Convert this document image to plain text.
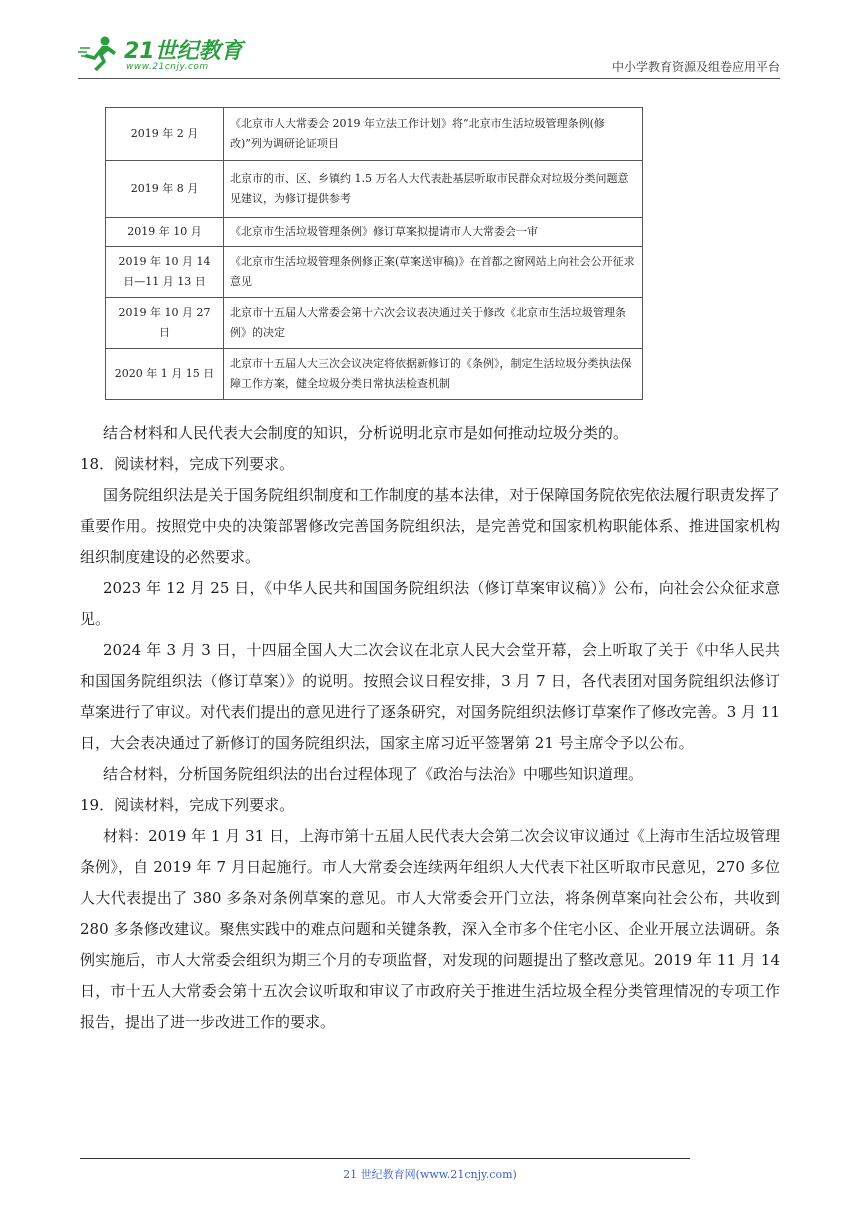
21世纪教育
www.21cnjy.com	中小学教育资源及组卷应用平台
2019 年 2 月	《北京市人大常委会 2019 年立法工作计划》将“北京市生活垃圾管理条例(修改)”列为调研论证项目
2019 年 8 月	北京市的市、区、乡镇约 1.5 万名人大代表赴基层听取市民群众对垃圾分类问题意见建议，为修订提供参考
2019 年 10 月	《北京市生活垃圾管理条例》修订草案拟提请市人大常委会一审
2019 年 10 月 14 日—11 月 13 日	《北京市生活垃圾管理条例修正案(草案送审稿)》在首都之窗网站上向社会公开征求意见
2019 年 10 月 27 日	北京市十五届人大常委会第十六次会议表决通过关于修改《北京市生活垃圾管理条例》的决定
2020 年 1 月 15 日	北京市十五届人大三次会议决定将依据新修订的《条例》，制定生活垃圾分类执法保障工作方案，健全垃圾分类日常执法检查机制

结合材料和人民代表大会制度的知识，分析说明北京市是如何推动垃圾分类的。

18．阅读材料，完成下列要求。

国务院组织法是关于国务院组织制度和工作制度的基本法律，对于保障国务院依宪依法履行职责发挥了重要作用。按照党中央的决策部署修改完善国务院组织法，是完善党和国家机构职能体系、推进国家机构组织制度建设的必然要求。

2023 年 12 月 25 日，《中华人民共和国国务院组织法（修订草案审议稿）》公布，向社会公众征求意见。

2024 年 3 月 3 日，十四届全国人大二次会议在北京人民大会堂开幕，会上听取了关于《中华人民共和国国务院组织法（修订草案）》的说明。按照会议日程安排，3 月 7 日，各代表团对国务院组织法修订草案进行了审议。对代表们提出的意见进行了逐条研究，对国务院组织法修订草案作了修改完善。3 月 11 日，大会表决通过了新修订的国务院组织法，国家主席习近平签署第 21 号主席令予以公布。

结合材料，分析国务院组织法的出台过程体现了《政治与法治》中哪些知识道理。

19．阅读材料，完成下列要求。

材料：2019 年 1 月 31 日，上海市第十五届人民代表大会第二次会议审议通过《上海市生活垃圾管理条例》，自 2019 年 7 月日起施行。市人大常委会连续两年组织人大代表下社区听取市民意见，270 多位人大代表提出了 380 多条对条例草案的意见。市人大常委会开门立法，将条例草案向社会公布，共收到 280 多条修改建议。聚焦实践中的难点问题和关键条教，深入全市多个住宅小区、企业开展立法调研。条例实施后，市人大常委会组织为期三个月的专项监督，对发现的问题提出了整改意见。2019 年 11 月 14 日，市十五人大常委会第十五次会议听取和审议了市政府关于推进生活垃圾全程分类管理情况的专项工作报告，提出了进一步改进工作的要求。

21 世纪教育网(www.21cnjy.com)
